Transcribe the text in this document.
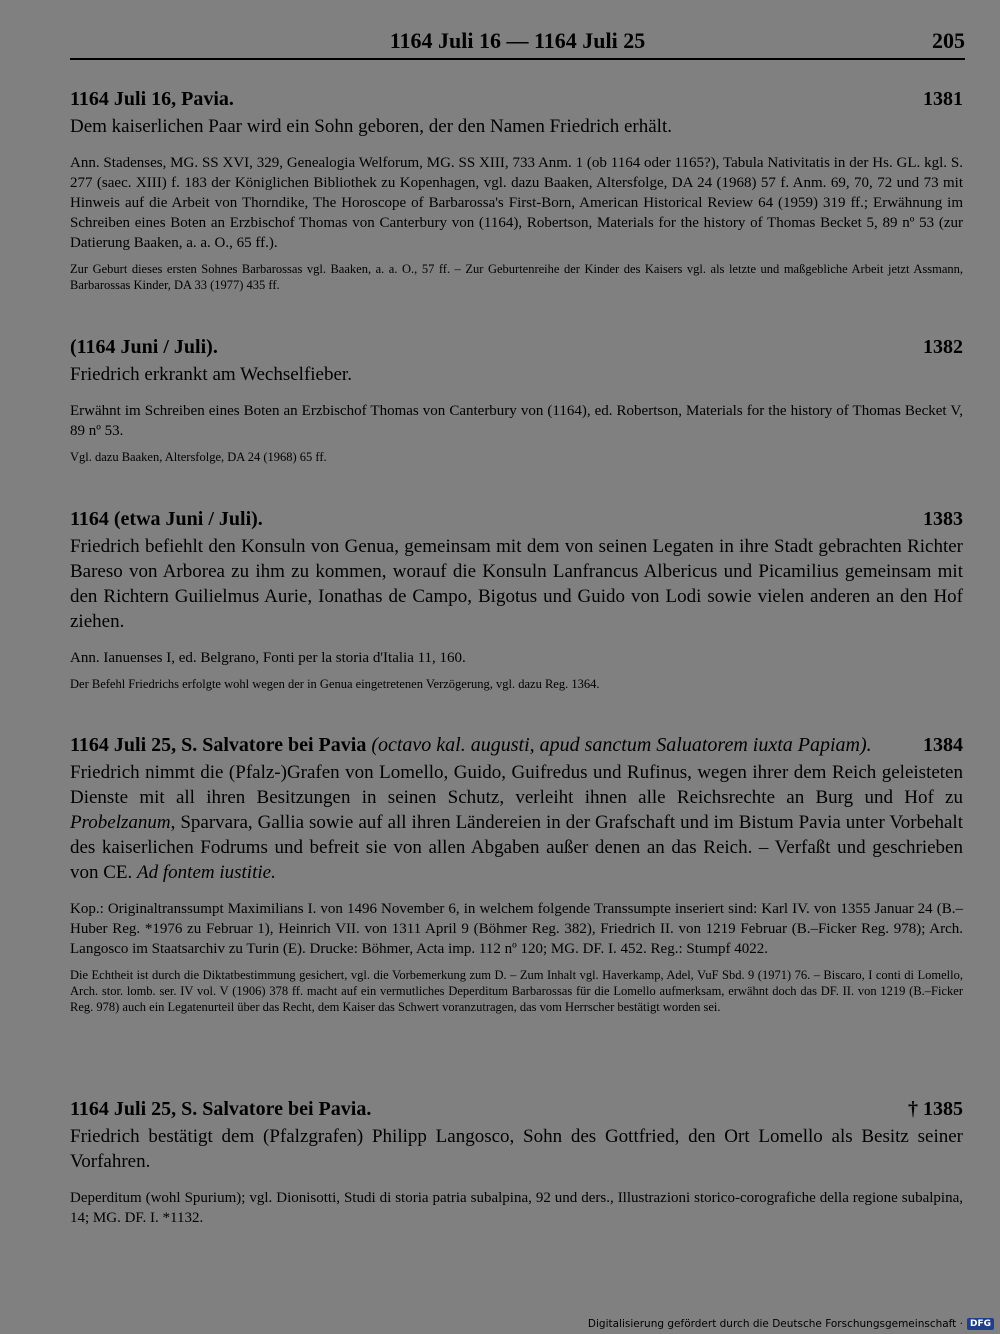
1164 Juli 16 — 1164 Juli 25	205
1164 Juli 16, Pavia.	1381
Dem kaiserlichen Paar wird ein Sohn geboren, der den Namen Friedrich erhält.
Ann. Stadenses, MG. SS XVI, 329, Genealogia Welforum, MG. SS XIII, 733 Anm. 1 (ob 1164 oder 1165?), Tabula Nativitatis in der Hs. GL. kgl. S. 277 (saec. XIII) f. 183 der Königlichen Bibliothek zu Kopenhagen, vgl. dazu Baaken, Altersfolge, DA 24 (1968) 57 f. Anm. 69, 70, 72 und 73 mit Hinweis auf die Arbeit von Thorndike, The Horoscope of Barbarossa's First-Born, American Historical Review 64 (1959) 319 ff.; Erwähnung im Schreiben eines Boten an Erzbischof Thomas von Canterbury von (1164), Robertson, Materials for the history of Thomas Becket 5, 89 nº 53 (zur Datierung Baaken, a. a. O., 65 ff.).
Zur Geburt dieses ersten Sohnes Barbarossas vgl. Baaken, a. a. O., 57 ff. – Zur Geburtenreihe der Kinder des Kaisers vgl. als letzte und maßgebliche Arbeit jetzt Assmann, Barbarossas Kinder, DA 33 (1977) 435 ff.
(1164 Juni / Juli).	1382
Friedrich erkrankt am Wechselfieber.
Erwähnt im Schreiben eines Boten an Erzbischof Thomas von Canterbury von (1164), ed. Robertson, Materials for the history of Thomas Becket V, 89 nº 53.
Vgl. dazu Baaken, Altersfolge, DA 24 (1968) 65 ff.
1164 (etwa Juni / Juli).	1383
Friedrich befiehlt den Konsuln von Genua, gemeinsam mit dem von seinen Legaten in ihre Stadt gebrachten Richter Bareso von Arborea zu ihm zu kommen, worauf die Konsuln Lanfrancus Albericus und Picamilius gemeinsam mit den Richtern Guilielmus Aurie, Ionathas de Campo, Bigotus und Guido von Lodi sowie vielen anderen an den Hof ziehen.
Ann. Ianuenses I, ed. Belgrano, Fonti per la storia d'Italia 11, 160.
Der Befehl Friedrichs erfolgte wohl wegen der in Genua eingetretenen Verzögerung, vgl. dazu Reg. 1364.
1164 Juli 25, S. Salvatore bei Pavia (octavo kal. augusti, apud sanctum Saluatorem iuxta Papiam).	1384
Friedrich nimmt die (Pfalz-)Grafen von Lomello, Guido, Guifredus und Rufinus, wegen ihrer dem Reich geleisteten Dienste mit all ihren Besitzungen in seinen Schutz, verleiht ihnen alle Reichsrechte an Burg und Hof zu Probelzanum, Sparvara, Gallia sowie auf all ihren Ländereien in der Grafschaft und im Bistum Pavia unter Vorbehalt des kaiserlichen Fodrums und befreit sie von allen Abgaben außer denen an das Reich. – Verfaßt und geschrieben von CE. Ad fontem iustitie.
Kop.: Originaltranssumpt Maximilians I. von 1496 November 6, in welchem folgende Transsumpte inseriert sind: Karl IV. von 1355 Januar 24 (B.–Huber Reg. *1976 zu Februar 1), Heinrich VII. von 1311 April 9 (Böhmer Reg. 382), Friedrich II. von 1219 Februar (B.–Ficker Reg. 978); Arch. Langosco im Staatsarchiv zu Turin (E). Drucke: Böhmer, Acta imp. 112 nº 120; MG. DF. I. 452. Reg.: Stumpf 4022.
Die Echtheit ist durch die Diktatbestimmung gesichert, vgl. die Vorbemerkung zum D. – Zum Inhalt vgl. Haverkamp, Adel, VuF Sbd. 9 (1971) 76. – Biscaro, I conti di Lomello, Arch. stor. lomb. ser. IV vol. V (1906) 378 ff. macht auf ein vermutliches Deperditum Barbarossas für die Lomello aufmerksam, erwähnt doch das DF. II. von 1219 (B.–Ficker Reg. 978) auch ein Legatenurteil über das Recht, dem Kaiser das Schwert voranzutragen, das vom Herrscher bestätigt worden sei.
1164 Juli 25, S. Salvatore bei Pavia.	† 1385
Friedrich bestätigt dem (Pfalzgrafen) Philipp Langosco, Sohn des Gottfried, den Ort Lomello als Besitz seiner Vorfahren.
Deperditum (wohl Spurium); vgl. Dionisotti, Studi di storia patria subalpina, 92 und ders., Illustrazioni storico-corografiche della regione subalpina, 14; MG. DF. I. *1132.
Digitalisierung gefördert durch die Deutsche Forschungsgemeinschaft · DFG
